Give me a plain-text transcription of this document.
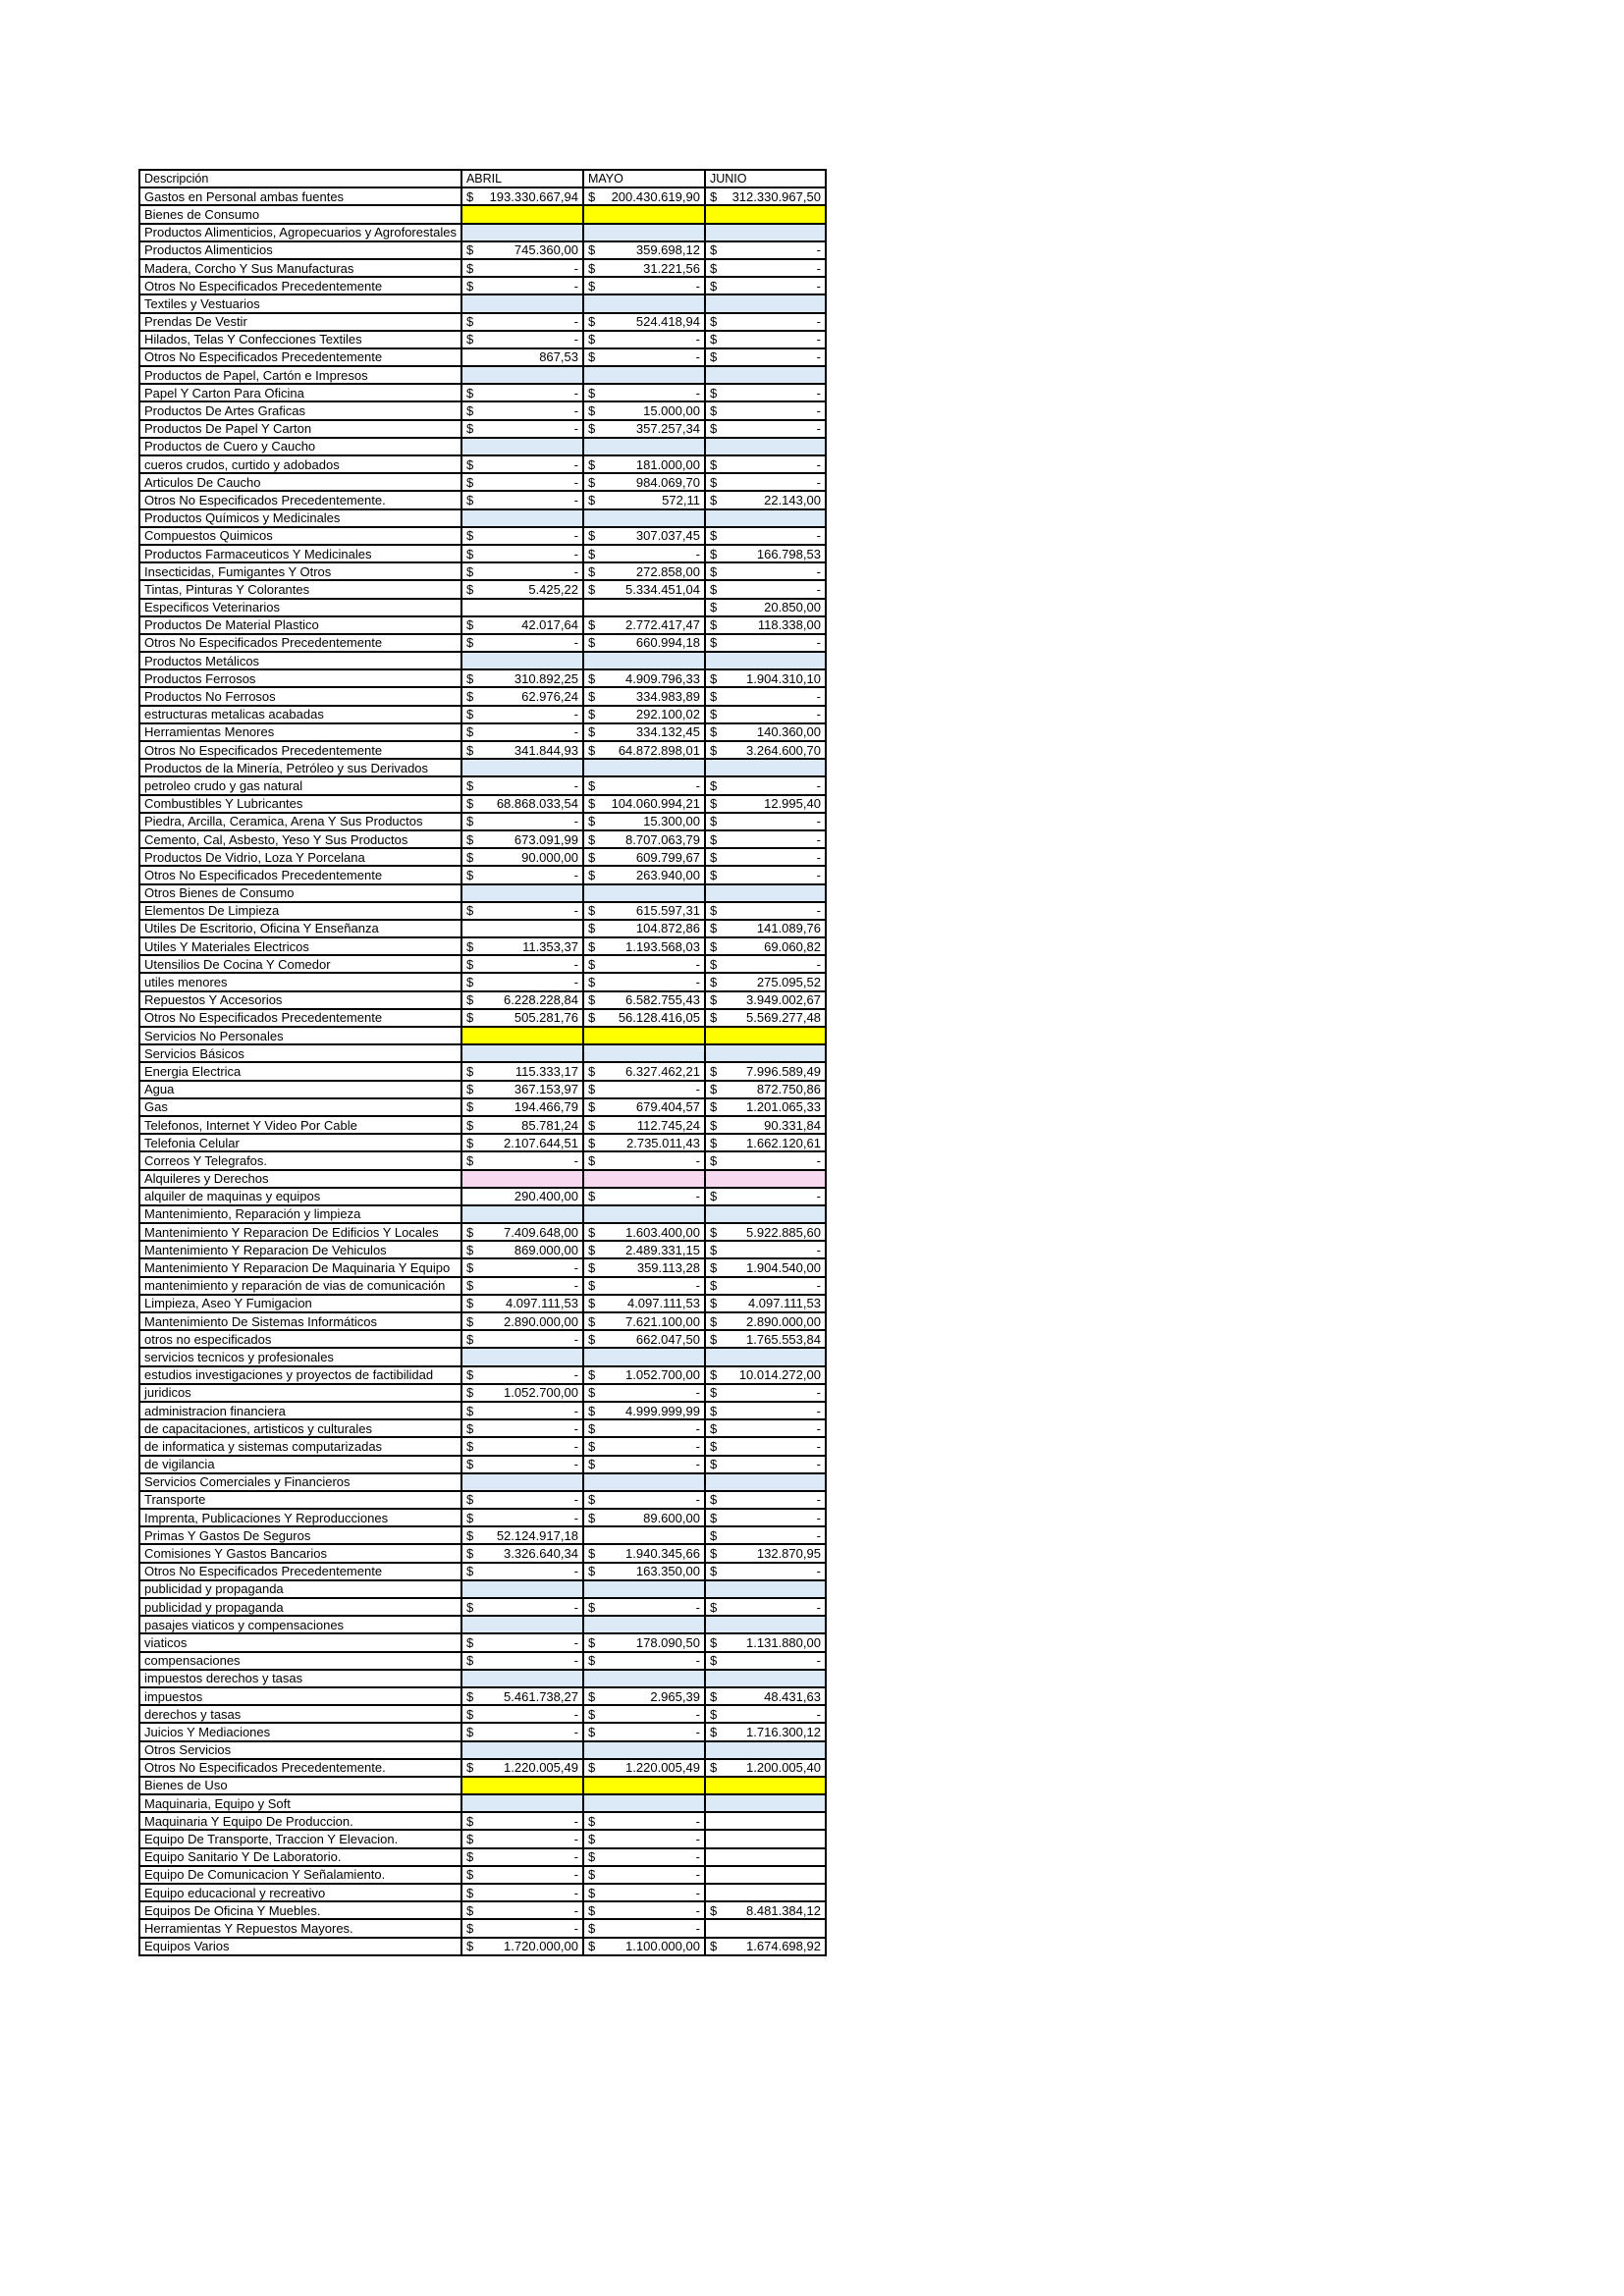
Descripción	ABRIL	MAYO	JUNIO
Gastos en Personal ambas fuentes	$ 193.330.667,94	$ 200.430.619,90	$ 312.330.967,50

Bienes de Consumo			
Productos Alimenticios, Agropecuarios y Agroforestales			
Productos Alimenticios	$ 745.360,00	$ 359.698,12	$ -

Madera, Corcho Y Sus Manufacturas	$ -	$ 31.221,56	$ -

Otros No Especificados Precedentemente	$ -	$ -	$ -

Textiles y Vestuarios			
Prendas De Vestir	$ -	$ 524.418,94	$ -

Hilados, Telas Y Confecciones Textiles	$ -	$ -	$ -

Otros No Especificados Precedentemente	867,53	$ -	$ -

Productos de Papel, Cartón e Impresos			
Papel Y Carton Para Oficina	$ -	$ -	$ -

Productos De Artes Graficas	$ -	$ 15.000,00	$ -

Productos De Papel Y Carton	$ -	$ 357.257,34	$ -

Productos de Cuero y Caucho			
cueros crudos, curtido y adobados	$ -	$ 181.000,00	$ -

Articulos De Caucho	$ -	$ 984.069,70	$ -

Otros No Especificados Precedentemente.	$ -	$ 572,11	$ 22.143,00

Productos Químicos y Medicinales			
Compuestos Quimicos	$ -	$ 307.037,45	$ -

Productos Farmaceuticos Y Medicinales	$ -	$ -	$ 166.798,53

Insecticidas, Fumigantes Y Otros	$ -	$ 272.858,00	$ -

Tintas, Pinturas Y Colorantes	$ 5.425,22	$ 5.334.451,04	$ -

Especificos Veterinarios			$ 20.850,00

Productos De Material Plastico	$ 42.017,64	$ 2.772.417,47	$ 118.338,00

Otros No Especificados Precedentemente	$ -	$ 660.994,18	$ -

Productos Metálicos			
Productos Ferrosos	$ 310.892,25	$ 4.909.796,33	$ 1.904.310,10

Productos No Ferrosos	$ 62.976,24	$ 334.983,89	$ -

estructuras metalicas acabadas	$ -	$ 292.100,02	$ -

Herramientas Menores	$ -	$ 334.132,45	$ 140.360,00

Otros No Especificados Precedentemente	$ 341.844,93	$ 64.872.898,01	$ 3.264.600,70

Productos de la Minería, Petróleo y sus Derivados			
petroleo crudo y gas natural	$ -	$ -	$ -

Combustibles Y Lubricantes	$ 68.868.033,54	$ 104.060.994,21	$ 12.995,40

Piedra, Arcilla, Ceramica, Arena Y Sus Productos	$ -	$ 15.300,00	$ -

Cemento, Cal, Asbesto, Yeso Y Sus Productos	$ 673.091,99	$ 8.707.063,79	$ -

Productos De Vidrio, Loza Y Porcelana	$ 90.000,00	$ 609.799,67	$ -

Otros No Especificados Precedentemente	$ -	$ 263.940,00	$ -

Otros Bienes de Consumo			
Elementos De Limpieza	$ -	$ 615.597,31	$ -

Utiles De Escritorio, Oficina Y Enseñanza		$ 104.872,86	$ 141.089,76

Utiles Y Materiales Electricos	$ 11.353,37	$ 1.193.568,03	$ 69.060,82

Utensilios De Cocina Y Comedor	$ -	$ -	$ -

utiles menores	$ -	$ -	$ 275.095,52

Repuestos Y Accesorios	$ 6.228.228,84	$ 6.582.755,43	$ 3.949.002,67

Otros No Especificados Precedentemente	$ 505.281,76	$ 56.128.416,05	$ 5.569.277,48

Servicios No Personales			
Servicios Básicos			
Energia Electrica	$ 115.333,17	$ 6.327.462,21	$ 7.996.589,49

Agua	$ 367.153,97	$ -	$ 872.750,86

Gas	$ 194.466,79	$ 679.404,57	$ 1.201.065,33

Telefonos, Internet Y Video Por Cable	$ 85.781,24	$ 112.745,24	$ 90.331,84

Telefonia Celular	$ 2.107.644,51	$ 2.735.011,43	$ 1.662.120,61

Correos Y Telegrafos.	$ -	$ -	$ -

Alquileres y Derechos			
alquiler de maquinas y equipos	290.400,00	$ -	$ -

Mantenimiento, Reparación y limpieza			
Mantenimiento Y Reparacion De Edificios Y Locales	$ 7.409.648,00	$ 1.603.400,00	$ 5.922.885,60

Mantenimiento Y Reparacion De Vehiculos	$ 869.000,00	$ 2.489.331,15	$ -

Mantenimiento Y Reparacion De Maquinaria Y Equipo	$ -	$ 359.113,28	$ 1.904.540,00

mantenimiento y reparación de vias de comunicación	$ -	$ -	$ -

Limpieza, Aseo Y Fumigacion	$ 4.097.111,53	$ 4.097.111,53	$ 4.097.111,53

Mantenimiento De Sistemas Informáticos	$ 2.890.000,00	$ 7.621.100,00	$ 2.890.000,00

otros no especificados	$ -	$ 662.047,50	$ 1.765.553,84

servicios tecnicos y profesionales			
estudios investigaciones y proyectos de factibilidad	$ -	$ 1.052.700,00	$ 10.014.272,00

juridicos	$ 1.052.700,00	$ -	$ -

administracion financiera	$ -	$ 4.999.999,99	$ -

de capacitaciones, artisticos y culturales	$ -	$ -	$ -

de informatica y sistemas computarizadas	$ -	$ -	$ -

de vigilancia	$ -	$ -	$ -

Servicios Comerciales y Financieros			
Transporte	$ -	$ -	$ -

Imprenta, Publicaciones Y Reproducciones	$ -	$ 89.600,00	$ -

Primas Y Gastos De Seguros	$ 52.124.917,18		$ -

Comisiones Y Gastos Bancarios	$ 3.326.640,34	$ 1.940.345,66	$ 132.870,95

Otros No Especificados Precedentemente	$ -	$ 163.350,00	$ -

publicidad y propaganda			
publicidad y propaganda	$ -	$ -	$ -

pasajes viaticos y compensaciones			
viaticos	$ -	$ 178.090,50	$ 1.131.880,00

compensaciones	$ -	$ -	$ -

impuestos derechos y tasas			
impuestos	$ 5.461.738,27	$ 2.965,39	$ 48.431,63

derechos y tasas	$ -	$ -	$ -

Juicios Y Mediaciones	$ -	$ -	$ 1.716.300,12

Otros Servicios			
Otros No Especificados Precedentemente.	$ 1.220.005,49	$ 1.220.005,49	$ 1.200.005,40

Bienes de Uso			
Maquinaria, Equipo y Soft			
Maquinaria Y Equipo De Produccion.	$ -	$ -	

Equipo De Transporte, Traccion Y Elevacion.	$ -	$ -	

Equipo Sanitario Y De Laboratorio.	$ -	$ -	

Equipo De Comunicacion Y Señalamiento.	$ -	$ -	

Equipo educacional y recreativo	$ -	$ -	

Equipos De Oficina Y Muebles.	$ -	$ -	$ 8.481.384,12

Herramientas Y Repuestos Mayores.	$ -	$ -	

Equipos Varios	$ 1.720.000,00	$ 1.100.000,00	$ 1.674.698,92
